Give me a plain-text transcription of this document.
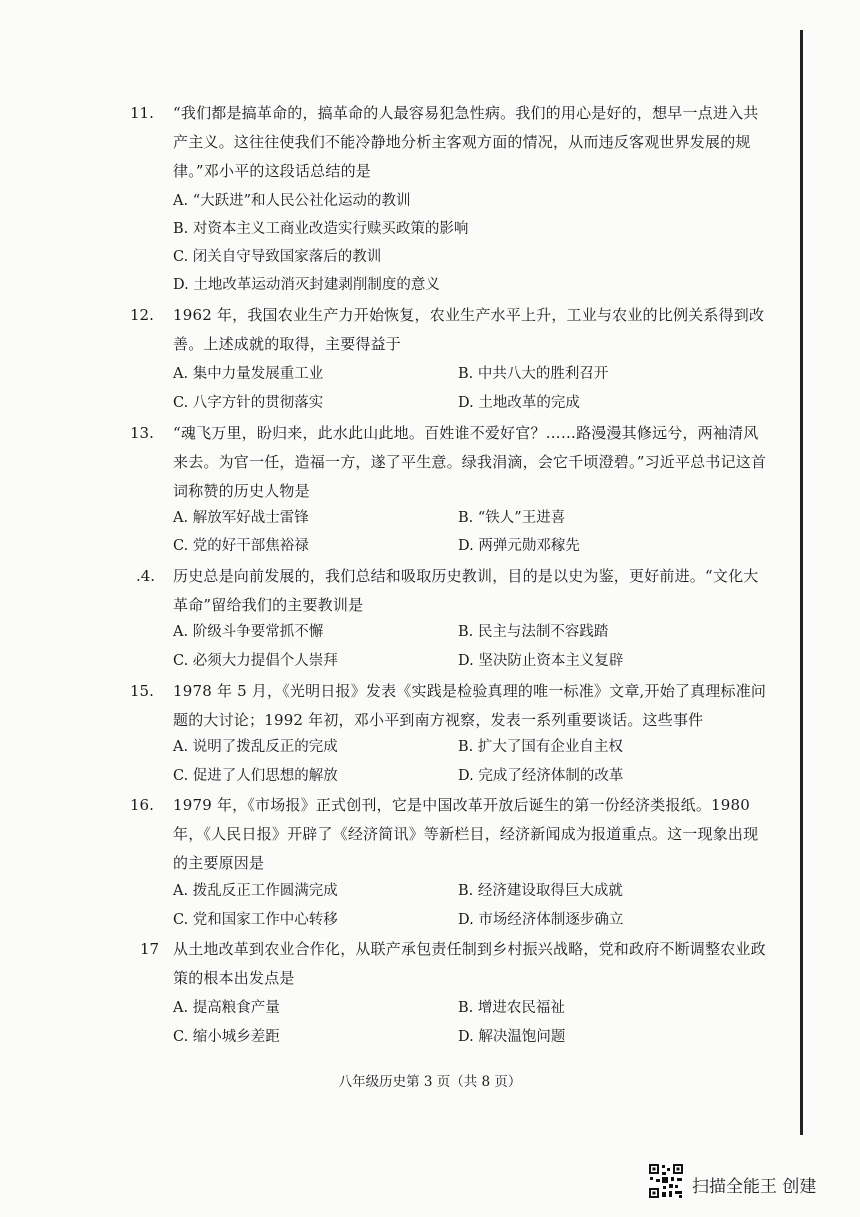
11. “我们都是搞革命的，搞革命的人最容易犯急性病。我们的用心是好的，想早一点进入共产主义。这往往使我们不能冷静地分析主客观方面的情况，从而违反客观世界发展的规律。”邓小平的这段话总结的是
A. “大跃进”和人民公社化运动的教训
B. 对资本主义工商业改造实行赎买政策的影响
C. 闭关自守导致国家落后的教训
D. 土地改革运动消灭封建剥削制度的意义
12. 1962 年，我国农业生产力开始恢复，农业生产水平上升，工业与农业的比例关系得到改善。上述成就的取得，主要得益于
A. 集中力量发展重工业	B. 中共八大的胜利召开
C. 八字方针的贯彻落实	D. 土地改革的完成
13. “魂飞万里，盼归来，此水此山此地。百姓谁不爱好官？……路漫漫其修远兮，两袖清风来去。为官一任，造福一方，遂了平生意。绿我涓滴，会它千顷澄碧。”习近平总书记这首词称赞的历史人物是
A. 解放军好战士雷锋	B. “铁人”王进喜
C. 党的好干部焦裕禄	D. 两弹元勋邓稼先
.4. 历史总是向前发展的，我们总结和吸取历史教训，目的是以史为鉴，更好前进。“文化大革命”留给我们的主要教训是
A. 阶级斗争要常抓不懈	B. 民主与法制不容践踏
C. 必须大力提倡个人崇拜	D. 坚决防止资本主义复辟
15. 1978 年 5 月，《光明日报》发表《实践是检验真理的唯一标准》文章,开始了真理标准问题的大讨论；1992 年初，邓小平到南方视察，发表一系列重要谈话。这些事件
A. 说明了拨乱反正的完成	B. 扩大了国有企业自主权
C. 促进了人们思想的解放	D. 完成了经济体制的改革
16. 1979 年，《市场报》正式创刊，它是中国改革开放后诞生的第一份经济类报纸。1980 年，《人民日报》开辟了《经济简讯》等新栏目，经济新闻成为报道重点。这一现象出现的主要原因是
A. 拨乱反正工作圆满完成	B. 经济建设取得巨大成就
C. 党和国家工作中心转移	D. 市场经济体制逐步确立
17 从土地改革到农业合作化，从联产承包责任制到乡村振兴战略，党和政府不断调整农业政策的根本出发点是
A. 提高粮食产量	B. 增进农民福祉
C. 缩小城乡差距	D. 解决温饱问题
八年级历史第 3 页（共 8 页）
扫描全能王 创建
